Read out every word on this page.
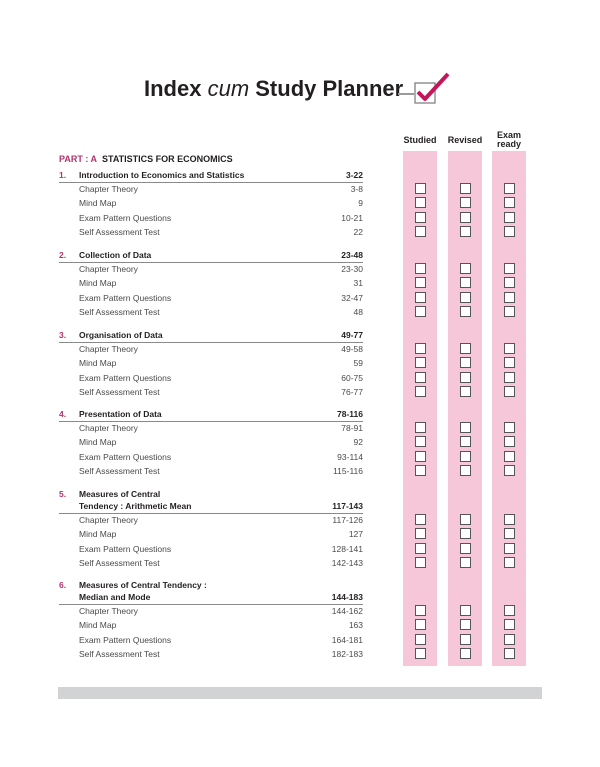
Index cum Study Planner
Studied	Revised	Exam
ready
PART : A STATISTICS FOR ECONOMICS
1. Introduction to Economics and Statistics	3-22
Chapter Theory	3-8
Mind Map	9
Exam Pattern Questions	10-21
Self Assessment Test	22
2. Collection of Data	23-48
Chapter Theory	23-30
Mind Map	31
Exam Pattern Questions	32-47
Self Assessment Test	48
3. Organisation of Data	49-77
Chapter Theory	49-58
Mind Map	59
Exam Pattern Questions	60-75
Self Assessment Test	76-77
4. Presentation of Data	78-116
Chapter Theory	78-91
Mind Map	92
Exam Pattern Questions	93-114
Self Assessment Test	115-116
5. Measures of Central
Tendency : Arithmetic Mean	117-143
Chapter Theory	117-126
Mind Map	127
Exam Pattern Questions	128-141
Self Assessment Test	142-143
6. Measures of Central Tendency :
Median and Mode	144-183
Chapter Theory	144-162
Mind Map	163
Exam Pattern Questions	164-181
Self Assessment Test	182-183
